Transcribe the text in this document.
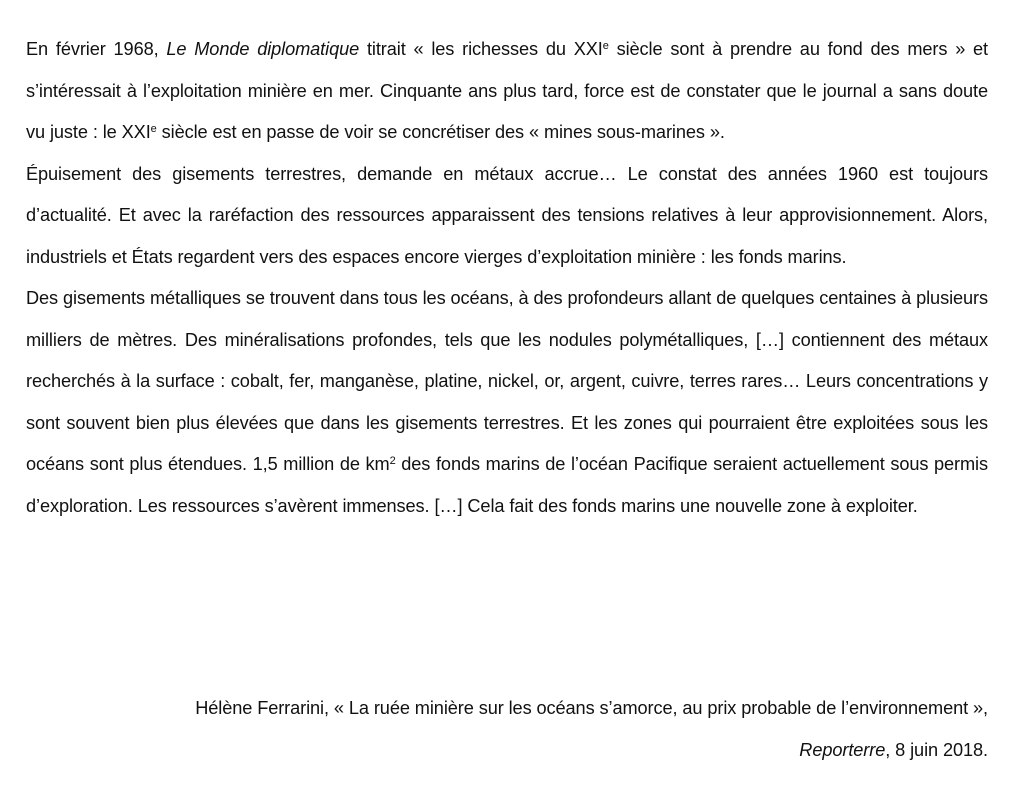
En février 1968, Le Monde diplomatique titrait « les richesses du XXIe siècle sont à prendre au fond des mers » et s’intéressait à l’exploitation minière en mer. Cinquante ans plus tard, force est de constater que le journal a sans doute vu juste : le XXIe siècle est en passe de voir se concrétiser des « mines sous-marines ».

Épuisement des gisements terrestres, demande en métaux accrue… Le constat des années 1960 est toujours d’actualité. Et avec la raréfaction des ressources apparaissent des tensions relatives à leur approvisionnement. Alors, industriels et États regardent vers des espaces encore vierges d’exploitation minière : les fonds marins.

Des gisements métalliques se trouvent dans tous les océans, à des profondeurs allant de quelques centaines à plusieurs milliers de mètres. Des minéralisations profondes, tels que les nodules polymétalliques, […] contiennent des métaux recherchés à la surface : cobalt, fer, manganèse, platine, nickel, or, argent, cuivre, terres rares… Leurs concentrations y sont souvent bien plus élevées que dans les gisements terrestres. Et les zones qui pourraient être exploitées sous les océans sont plus étendues. 1,5 million de $km^2$ des fonds marins de l’océan Pacifique seraient actuellement sous permis d’exploration. Les ressources s’avèrent immenses. […] Cela fait des fonds marins une nouvelle zone à exploiter.

Hélène Ferrarini, « La ruée minière sur les océans s’amorce, au prix probable de l’environnement »,

Reporterre, 8 juin 2018.
